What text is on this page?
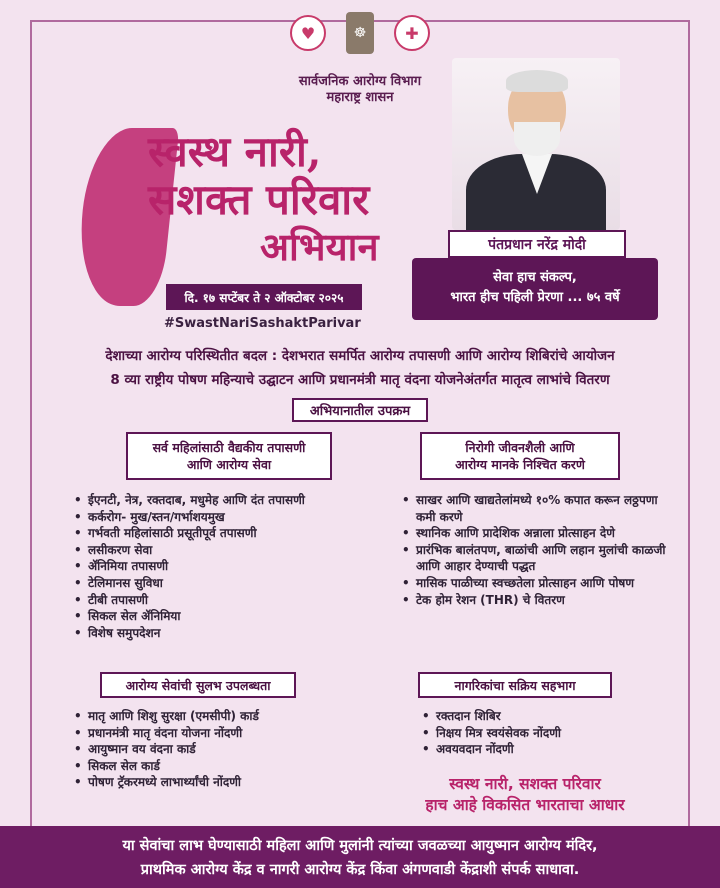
♥	☸	✚
सार्वजनिक आरोग्य विभाग
महाराष्ट्र शासन
स्वस्थ नारी,
सशक्त परिवार
अभियान
दि. १७ सप्टेंबर ते २ ऑक्टोबर २०२५
#SwastNariSashaktParivar
पंतप्रधान नरेंद्र मोदी
सेवा हाच संकल्प,
भारत हीच पहिली प्रेरणा ... ७५ वर्षे
देशाच्या आरोग्य परिस्थितीत बदल : देशभरात समर्पित आरोग्य तपासणी आणि आरोग्य शिबिरांचे आयोजन
8 व्या राष्ट्रीय पोषण महिन्याचे उद्घाटन आणि प्रधानमंत्री मातृ वंदना योजनेअंतर्गत मातृत्व लाभांचे वितरण
अभियानातील उपक्रम
सर्व महिलांसाठी वैद्यकीय तपासणी
आणि आरोग्य सेवा
निरोगी जीवनशैली आणि
आरोग्य मानके निश्चित करणे
• ईएनटी, नेत्र, रक्तदाब, मधुमेह आणि दंत तपासणी
• कर्करोग- मुख/स्तन/गर्भाशयमुख
• गर्भवती महिलांसाठी प्रसूतीपूर्व तपासणी
• लसीकरण सेवा
• ॲनिमिया तपासणी
• टेलिमानस सुविधा
• टीबी तपासणी
• सिकल सेल ॲनिमिया
• विशेष समुपदेशन
• साखर आणि खाद्यतेलांमध्ये १०% कपात करून लठ्ठपणा कमी करणे
• स्थानिक आणि प्रादेशिक अन्नाला प्रोत्साहन देणे
• प्रारंभिक बालंतपण, बाळांची आणि लहान मुलांची काळजी आणि आहार देण्याची पद्धत
• मासिक पाळीच्या स्वच्छतेला प्रोत्साहन आणि पोषण
• टेक होम रेशन (THR) चे वितरण
आरोग्य सेवांची सुलभ उपलब्धता	नागरिकांचा सक्रिय सहभाग
• मातृ आणि शिशु सुरक्षा (एमसीपी) कार्ड
• प्रधानमंत्री मातृ वंदना योजना नोंदणी
• आयुष्मान वय वंदना कार्ड
• सिकल सेल कार्ड
• पोषण ट्रॅकरमध्ये लाभार्थ्यांची नोंदणी
• रक्तदान शिबिर
• निक्षय मित्र स्वयंसेवक नोंदणी
• अवयवदान नोंदणी
स्वस्थ नारी, सशक्त परिवार
हाच आहे विकसित भारताचा आधार
या सेवांचा लाभ घेण्यासाठी महिला आणि मुलांनी त्यांच्या जवळच्या आयुष्मान आरोग्य मंदिर,
प्राथमिक आरोग्य केंद्र व नागरी आरोग्य केंद्र किंवा अंगणवाडी केंद्राशी संपर्क साधावा.
